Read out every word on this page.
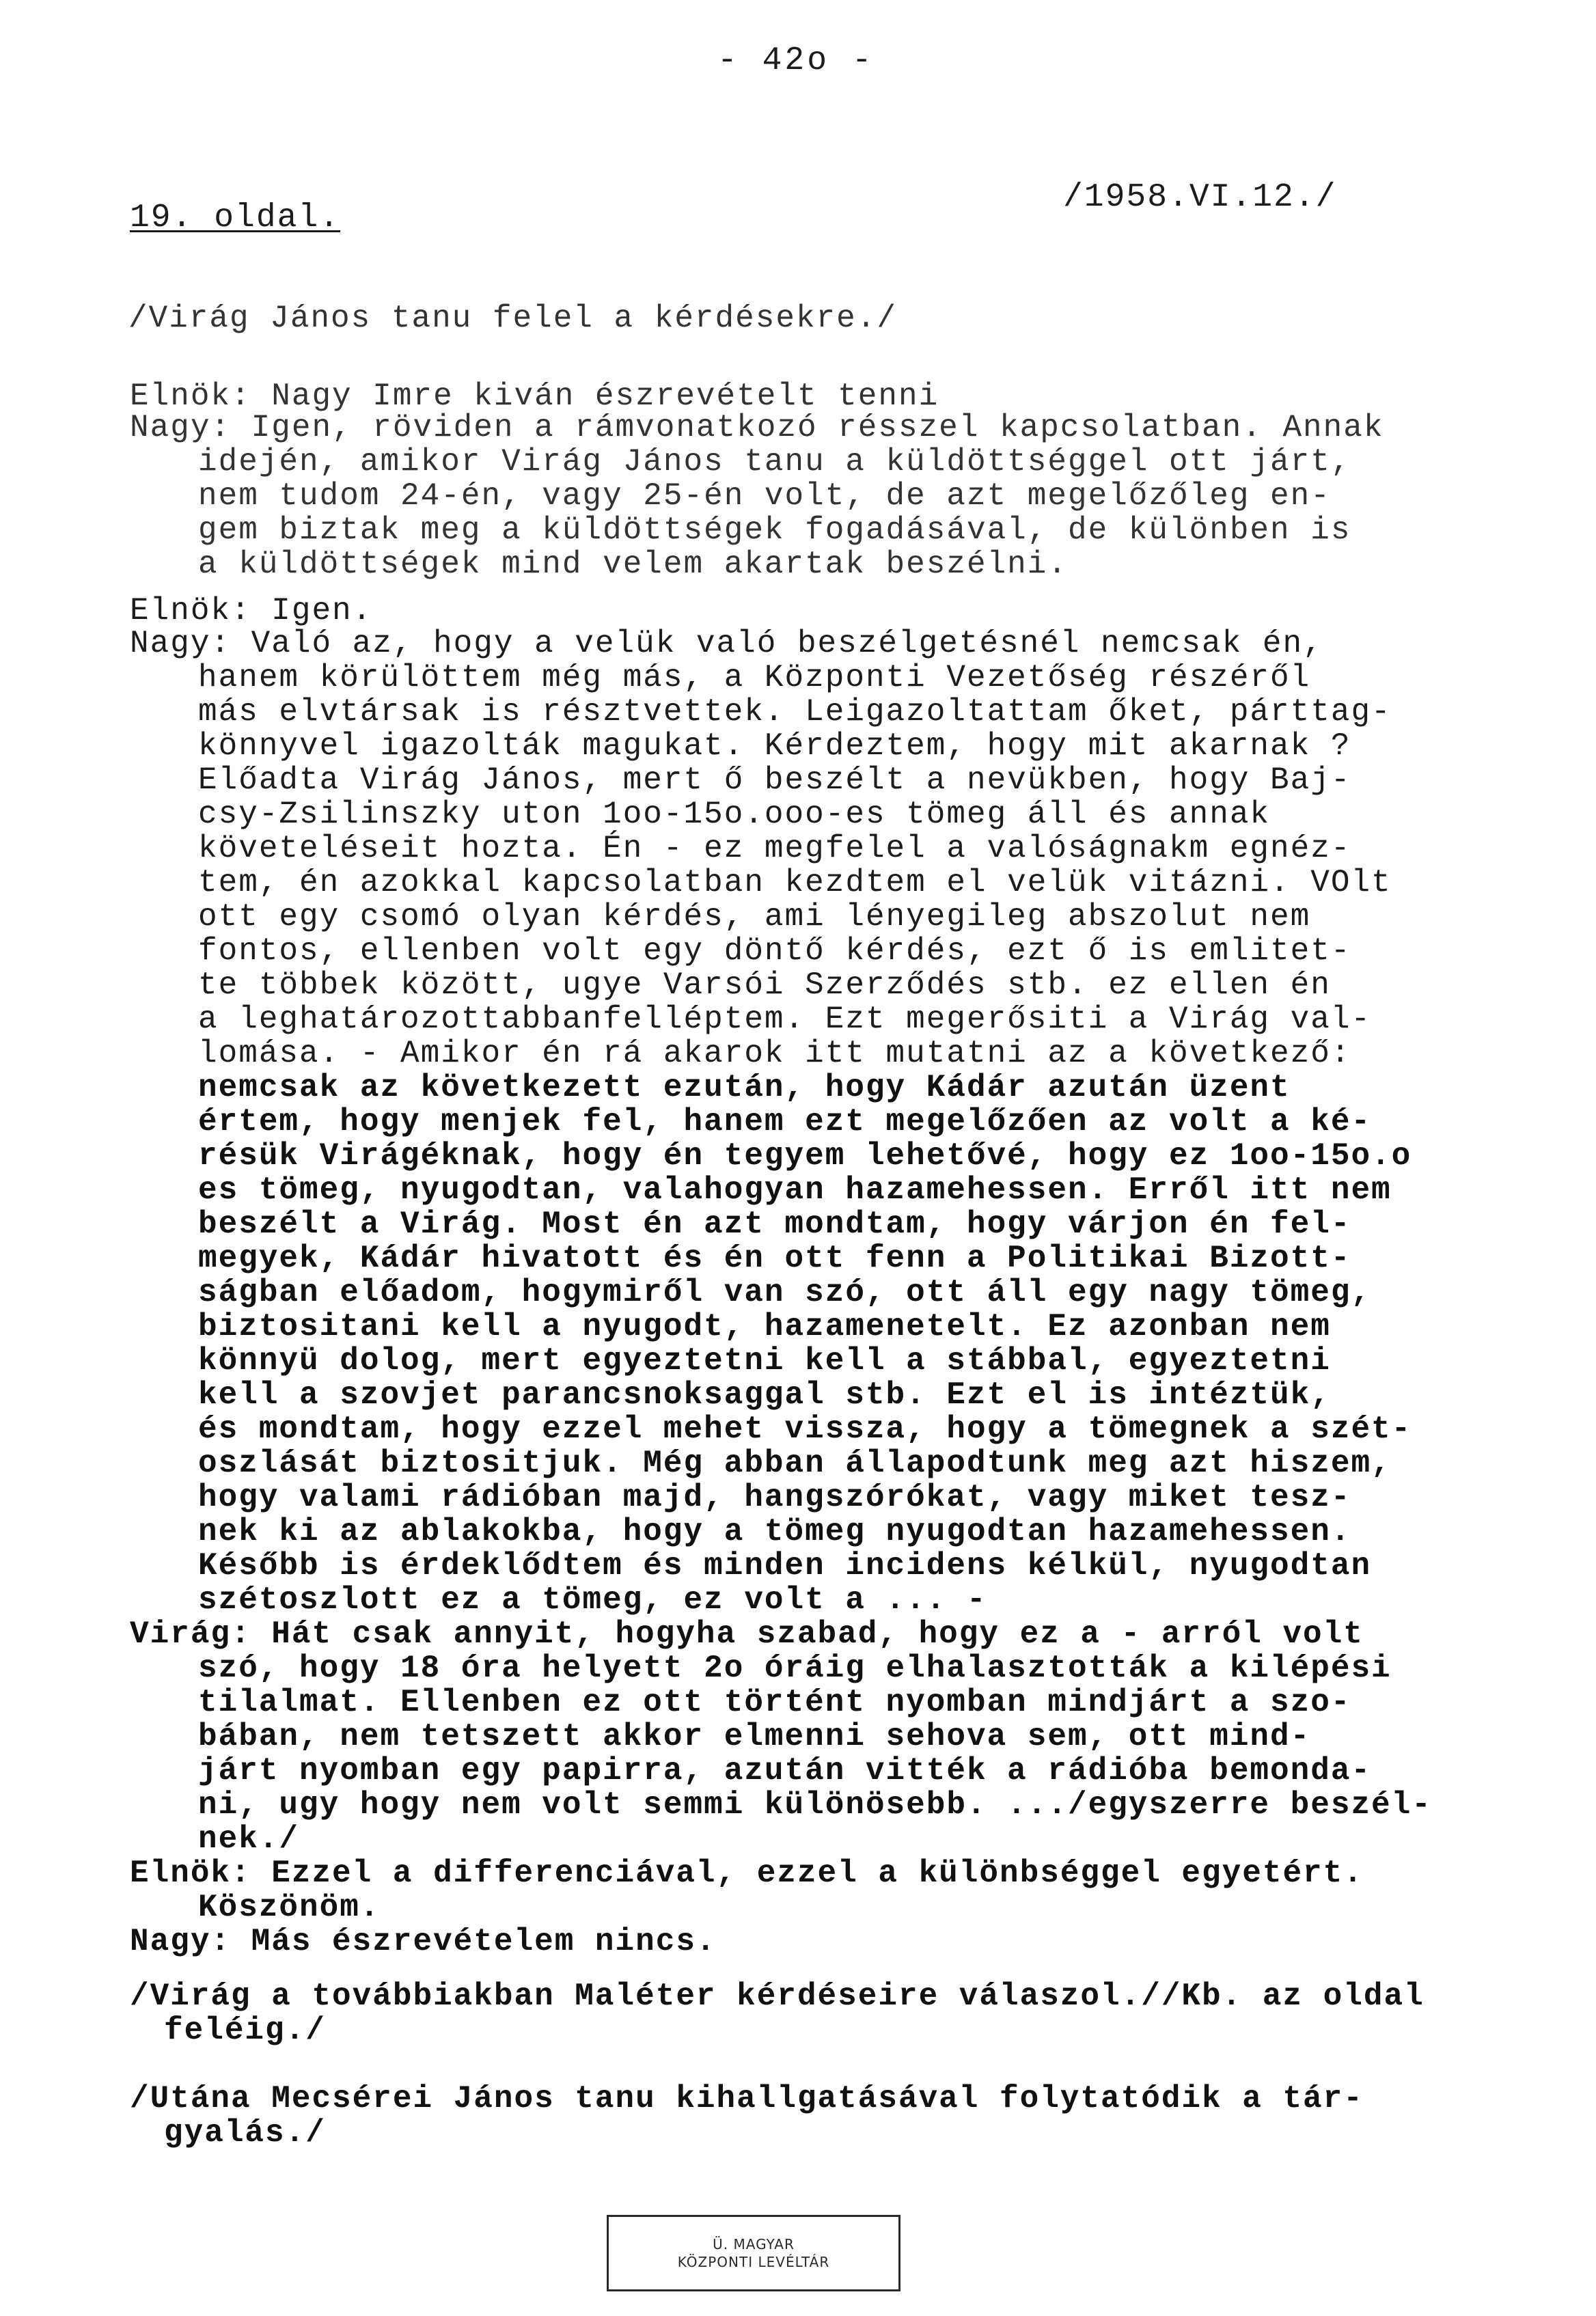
- 42o -
19. oldal.
/1958.VI.12./
/Virág János tanu felel a kérdésekre./
Elnök: Nagy Imre kiván észrevételt tenni
Nagy: Igen, röviden a rámvonatkozó résszel kapcsolatban. Annak
idején, amikor Virág János tanu a küldöttséggel ott járt,
nem tudom 24-én, vagy 25-én volt, de azt megelőzőleg en-
gem biztak meg a küldöttségek fogadásával, de különben is
a küldöttségek mind velem akartak beszélni.
Elnök: Igen.
Nagy: Való az, hogy a velük való beszélgetésnél nemcsak én,
hanem körülöttem még más, a Központi Vezetőség részéről
más elvtársak is résztvettek. Leigazoltattam őket, párttag-
könnyvel igazolták magukat. Kérdeztem, hogy mit akarnak ?
Előadta Virág János, mert ő beszélt a nevükben, hogy Baj-
csy-Zsilinszky uton 1oo-15o.ooo-es tömeg áll és annak
követeléseit hozta. Én - ez megfelel a valóságnakm egnéz-
tem, én azokkal kapcsolatban kezdtem el velük vitázni. VOlt
ott egy csomó olyan kérdés, ami lényegileg abszolut nem
fontos, ellenben volt egy döntő kérdés, ezt ő is emlitet-
te többek között, ugye Varsói Szerződés stb. ez ellen én
a leghatározottabbanfelléptem. Ezt megerősiti a Virág val-
lomása. - Amikor én rá akarok itt mutatni az a következő:
nemcsak az következett ezután, hogy Kádár azután üzent
értem, hogy menjek fel, hanem ezt megelőzően az volt a ké-
résük Virágéknak, hogy én tegyem lehetővé, hogy ez 1oo-15o.o
es tömeg, nyugodtan, valahogyan hazamehessen. Erről itt nem
beszélt a Virág. Most én azt mondtam, hogy várjon én fel-
megyek, Kádár hivatott és én ott fenn a Politikai Bizott-
ságban előadom, hogymiről van szó, ott áll egy nagy tömeg,
biztositani kell a nyugodt, hazamenetelt. Ez azonban nem
könnyü dolog, mert egyeztetni kell a stábbal, egyeztetni
kell a szovjet parancsnoksaggal stb. Ezt el is intéztük,
és mondtam, hogy ezzel mehet vissza, hogy a tömegnek a szét-
oszlását biztositjuk. Még abban állapodtunk meg azt hiszem,
hogy valami rádióban majd, hangszórókat, vagy miket tesz-
nek ki az ablakokba, hogy a tömeg nyugodtan hazamehessen.
Később is érdeklődtem és minden incidens kélkül, nyugodtan
szétoszlott ez a tömeg, ez volt a ... -
Virág: Hát csak annyit, hogyha szabad, hogy ez a - arról volt
szó, hogy 18 óra helyett 2o óráig elhalasztották a kilépési
tilalmat. Ellenben ez ott történt nyomban mindjárt a szo-
bában, nem tetszett akkor elmenni sehova sem, ott mind-
járt nyomban egy papirra, azután vitték a rádióba bemonda-
ni, ugy hogy nem volt semmi különösebb. .../egyszerre beszél-
nek./
Elnök: Ezzel a differenciával, ezzel a különbséggel egyetért.
Köszönöm.
Nagy: Más észrevételem nincs.
/Virág a továbbiakban Maléter kérdéseire válaszol.//Kb. az oldal
feléig./
/Utána Mecsérei János tanu kihallgatásával folytatódik a tár-
gyalás./
Ü. MAGYAR
KÖZPONTI LEVÉLTÁR
